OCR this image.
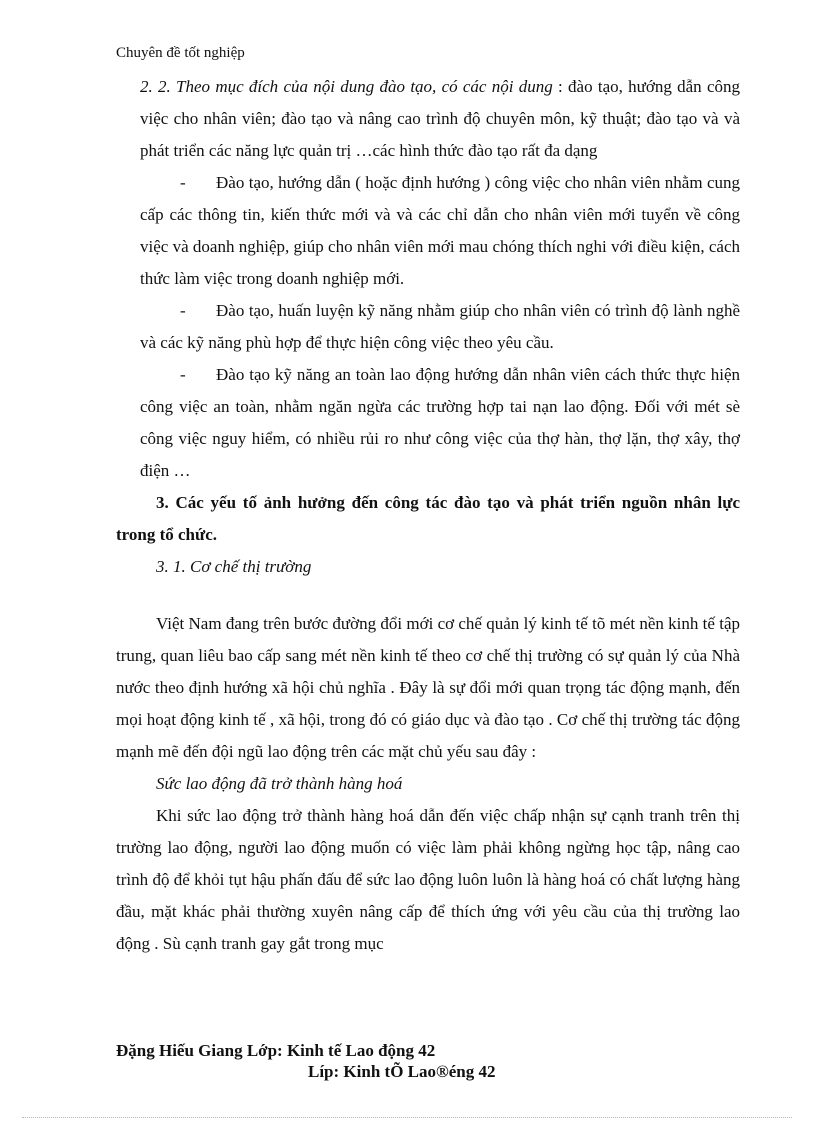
Chuyên đề tốt nghiệp

2. 2. Theo mục đích của nội dung đào tạo, có các nội dung : đào tạo, hướng dẫn công việc cho nhân viên; đào tạo và nâng cao trình độ chuyên môn, kỹ thuật; đào tạo và và phát triển các năng lực quản trị …các hình thức đào tạo rất đa dạng

- Đào tạo, hướng dẫn ( hoặc định hướng ) công việc cho nhân viên nhằm cung cấp các thông tin, kiến thức mới và và các chỉ dẫn cho nhân viên mới tuyển về công việc và doanh nghiệp, giúp cho nhân viên mới mau chóng thích nghi với điều kiện, cách thức làm việc trong doanh nghiệp mới.

- Đào tạo, huấn luyện kỹ năng nhằm giúp cho nhân viên có trình độ lành nghề và các kỹ năng phù hợp để thực hiện công việc theo yêu cầu.

- Đào tạo kỹ năng an toàn lao động hướng dẫn nhân viên cách thức thực hiện công việc an toàn, nhằm ngăn ngừa các trường hợp tai nạn lao động. Đối với mét sè công việc nguy hiểm, có nhiều rủi ro như công việc của thợ hàn, thợ lặn, thợ xây, thợ điện …

3. Các yếu tố ảnh hưởng đến công tác đào tạo và phát triển nguồn nhân lực trong tổ chức.

3. 1. Cơ chế thị trường

Việt Nam đang trên bước đường đổi mới cơ chế quản lý kinh tế tõ mét nền kinh tế tập trung, quan liêu bao cấp sang mét nền kinh tế theo cơ chế thị trường có sự quản lý của Nhà nước theo định hướng xã hội chủ nghĩa . Đây là sự đổi mới quan trọng tác động mạnh, đến mọi hoạt động kinh tế , xã hội, trong đó có giáo dục và đào tạo . Cơ chế thị trường tác động mạnh mẽ đến đội ngũ lao động trên các mặt chủ yếu sau đây :

Sức lao động đã trở thành hàng hoá

Khi sức lao động trở thành hàng hoá dẫn đến việc chấp nhận sự cạnh tranh trên thị trường lao động, người lao động muốn có việc làm phải không ngừng học tập, nâng cao trình độ để khỏi tụt hậu phấn đấu để sức lao động luôn luôn là hàng hoá có chất lượng hàng đầu, mặt khác phải thường xuyên nâng cấp để thích ứng với yêu cầu của thị trường lao động . Sù cạnh tranh gay gắt trong mục

Đặng Hiếu Giang Lớp: Kinh tế Lao động 42
Líp: Kinh tÕ Lao®éng 42
